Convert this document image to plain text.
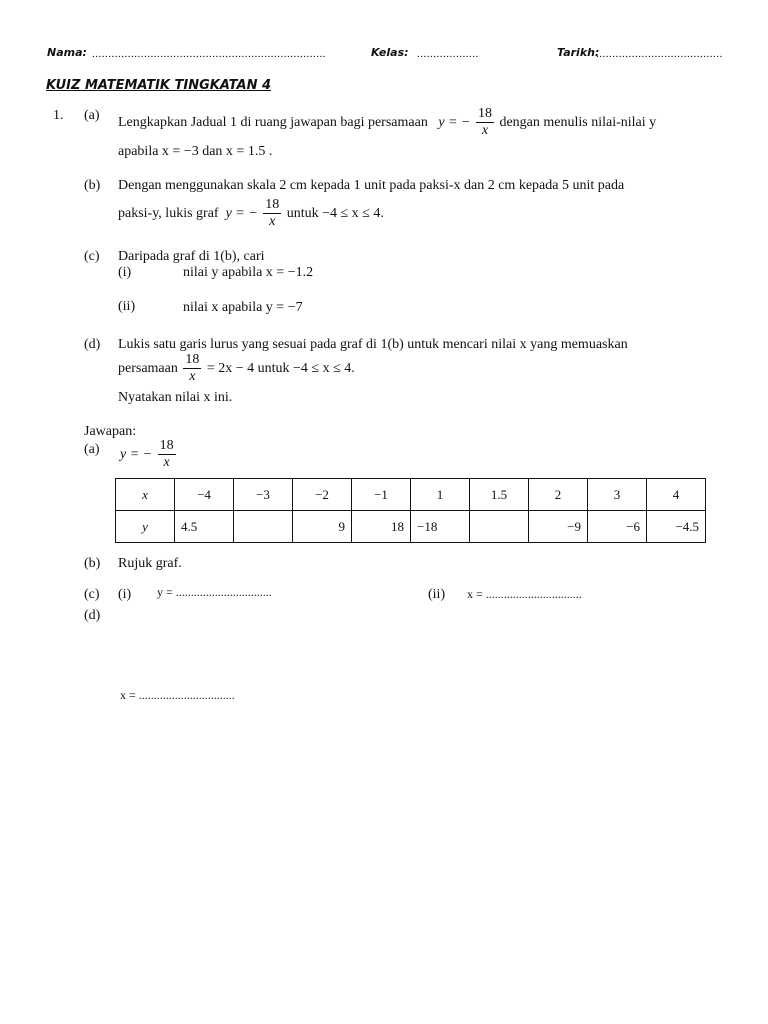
Nama: ........................................................................	Kelas: ...................	Tarikh:
.......................................
KUIZ MATEMATIK TINGKATAN 4
1. (a) Lengkapkan Jadual 1 di ruang jawapan bagi persamaan y = − $\frac{18}{x}$ dengan menulis nilai-nilai y
apabila x = −3 dan x = 1.5 .
(b) Dengan menggunakan skala 2 cm kepada 1 unit pada paksi-x dan 2 cm kepada 5 unit pada
paksi-y, lukis graf y = − $\frac{18}{x}$ untuk −4 ≤ x ≤ 4.
(c) Daripada graf di 1(b), cari
(i)	nilai y apabila x = −1.2
(ii)	nilai x apabila y = −7
(d) Lukis satu garis lurus yang sesuai pada graf di 1(b) untuk mencari nilai x yang memuaskan
persamaan $\frac{18}{x} = 2x - 4$ untuk −4 ≤ x ≤ 4.
Nyatakan nilai x ini.
Jawapan:
(a) y = − $\frac{18}{x}$
x	−4	−3	−2	−1	1	1.5	2	3	4
y	4.5		9	18	−18		−9	−6	−4.5
(b) Rujuk graf.
(c) (i) y = ................................	(ii) x = ................................
(d)
x = ................................
